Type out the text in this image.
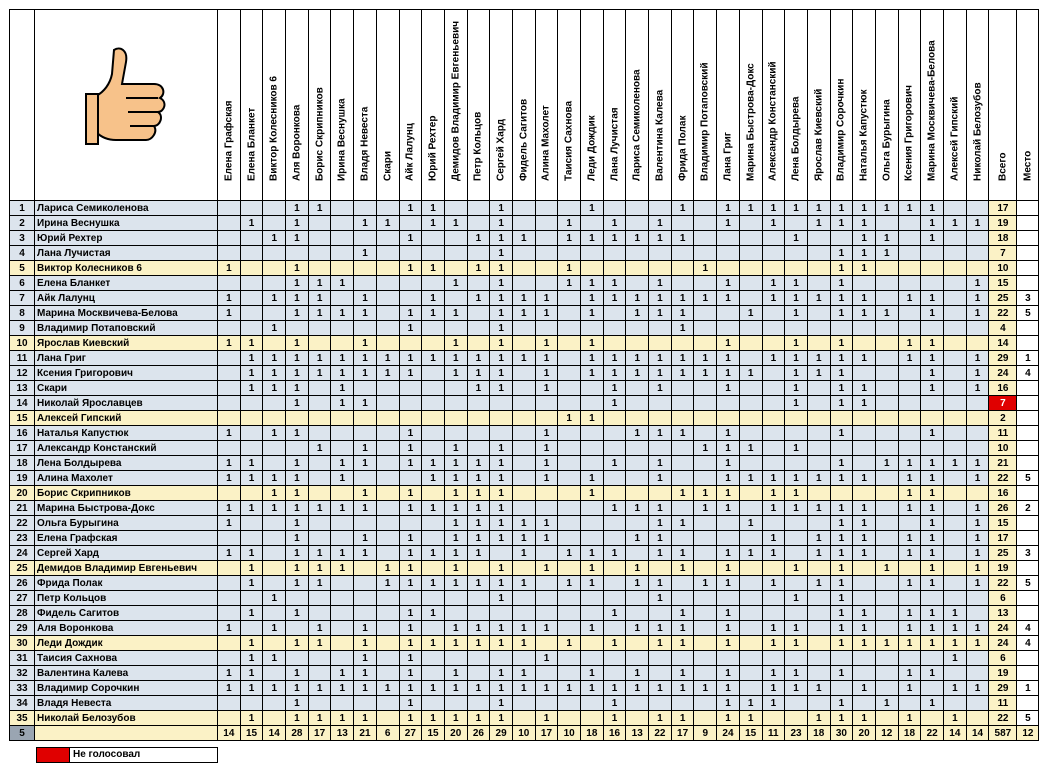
Елена Графская	Елена Бланкет	Виктор Колесников 6	Аля Воронкова	Борис Скрипников	Ирина Веснушка	Владя Невеста	Скари	Айк Лалунц	Юрий Рехтер	Демидов Владимир Евгеньевич	Петр Кольцов	Сергей Хард	Фидель Сагитов	Алина Махолет	Таисия Сахнова	Леди Дождик	Лана Лучистая	Лариса Семиколенова	Валентина Калева	Фрида Полак	Владимир Потаповский	Лана Григ	Марина Быстрова-Докс	Александр Констанский	Лена Болдырева	Ярослав Киевский	Владимир Сорочкин	Наталья Капустюк	Ольга Бурыгина	Ксения Григорович	Марина Москвичева-Белова	Алексей Гипский	Николай Белозубов	Всего	Место

1	Лариса Семиколенова				1	1				1	1			1				1				1		1	1	1	1	1	1	1	1	1	1			17	
2	Ирина Веснушка		1		1			1	1		1	1		1			1		1		1			1		1		1	1	1			1	1	1	19	
3	Юрий Рехтер			1	1					1			1	1	1		1	1	1	1	1	1					1			1	1		1			18	
4	Лана Лучистая							1						1															1	1	1					7	
5	Виктор Колесников 6	1			1					1	1		1	1			1						1						1	1						10	
6	Елена Бланкет				1	1	1					1		1			1	1	1		1			1		1	1		1						1	15	
7	Айк Лалунц	1		1	1	1		1			1		1	1	1	1		1	1	1	1	1	1	1		1	1	1	1	1		1	1		1	25	3
8	Марина Москвичева-Белова	1			1	1	1	1		1	1	1		1	1	1		1		1	1	1			1		1		1	1	1		1		1	22	5
9	Владимир Потаповский			1						1				1								1														4	
10	Ярослав Киевский	1	1		1			1				1		1		1		1						1			1		1			1	1			14	
11	Лана Григ		1	1	1	1	1	1	1	1	1	1	1	1	1	1		1	1	1	1	1	1	1		1	1	1	1	1		1	1		1	29	1
12	Ксения Григорович		1	1	1	1	1	1	1	1		1	1	1		1		1	1	1	1	1	1	1	1		1	1	1				1		1	24	4
13	Скари		1	1	1		1						1	1		1			1		1			1			1		1	1			1		1	16	
14	Николай Ярославцев				1		1	1											1								1		1	1						7	
15	Алексей Гипский																1	1																		2	
16	Наталья Капустюк	1		1	1					1						1				1	1	1		1					1				1			11	
17	Александр Констанский					1		1		1		1		1		1							1	1	1		1									10	
18	Лена Болдырева	1	1		1		1	1		1	1	1	1	1		1			1		1			1					1		1	1	1	1	1	21	
19	Алина Махолет	1	1	1	1		1				1	1	1	1		1		1			1			1	1	1	1	1	1	1		1	1		1	22	5
20	Борис Скрипников			1	1			1		1		1	1	1				1				1	1	1		1	1					1	1			16	
21	Марина Быстрова-Докс	1	1	1	1	1	1	1		1	1	1	1	1					1	1	1		1	1		1	1	1	1	1		1	1		1	26	2
22	Ольга Бурыгина	1			1							1	1	1	1	1					1	1			1				1	1			1		1	15	
23	Елена Графская				1			1		1		1	1	1	1	1				1	1					1		1	1	1		1	1		1	17	
24	Сергей Хард	1	1		1	1	1	1		1	1	1	1		1		1	1	1		1	1		1	1	1		1	1	1		1	1		1	25	3
25	Демидов Владимир Евгеньевич		1		1	1	1		1	1		1		1		1		1		1		1		1			1		1		1		1		1	19	
26	Фрида Полак		1		1	1			1	1	1	1	1	1	1		1	1		1	1		1	1		1		1	1			1	1		1	22	5
27	Петр Кольцов			1										1							1						1		1							6	
28	Фидель Сагитов		1		1					1	1								1			1		1					1	1		1	1	1		13	
29	Аля Воронкова	1		1		1		1		1		1	1	1	1	1		1		1	1	1		1		1	1		1	1		1	1	1	1	24	4
30	Леди Дождик		1		1	1		1		1	1	1	1	1	1		1		1		1	1		1		1	1		1	1	1	1	1	1	1	24	4
31	Таисия Сахнова		1	1				1		1						1																		1		6	
32	Валентина Калева	1	1		1		1	1		1		1		1	1			1		1		1		1		1	1		1			1	1			19	
33	Владимир Сорочкин	1	1	1	1	1	1	1	1	1	1	1	1	1	1	1	1	1	1	1	1	1	1	1		1	1	1		1		1		1	1	29	1
34	Владя Невеста				1					1				1					1					1	1	1			1		1		1			11	
35	Николай Белозубов		1		1	1	1	1		1	1	1	1	1		1			1		1	1		1	1			1	1	1		1		1		22	5
5		14	15	14	28	17	13	21	6	27	15	20	26	29	10	17	10	18	16	13	22	17	9	24	15	11	23	18	30	20	12	18	22	14	14	587	12
Не голосовал
